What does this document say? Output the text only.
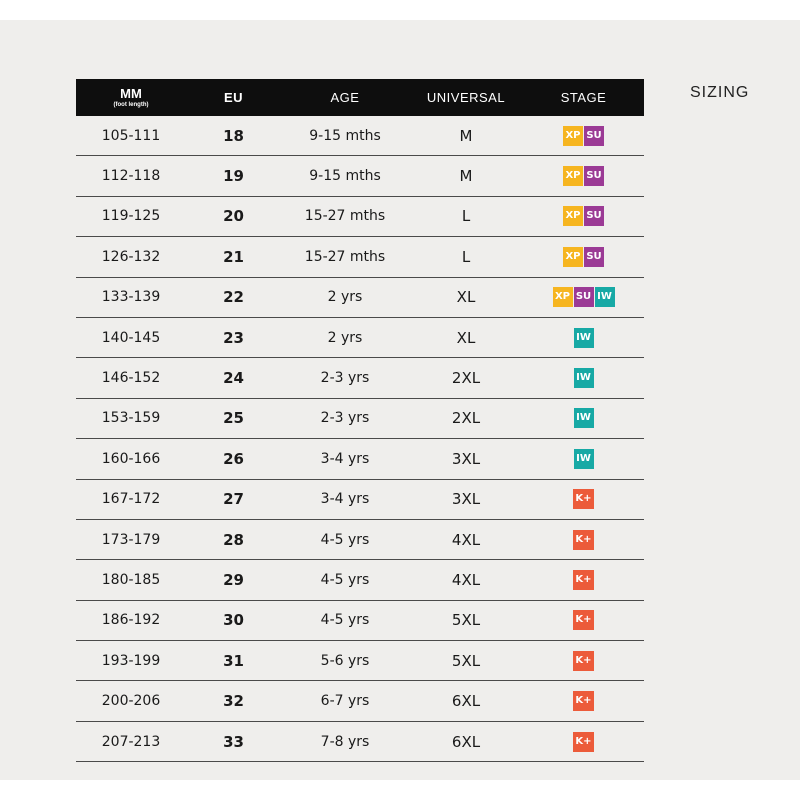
SIZING
MM
(foot length)	EU	AGE	UNIVERSAL	STAGE
105-111	18	9-15 mths	M	XP SU
112-118	19	9-15 mths	M	XP SU
119-125	20	15-27 mths	L	XP SU
126-132	21	15-27 mths	L	XP SU
133-139	22	2 yrs	XL	XP SU IW
140-145	23	2 yrs	XL	IW
146-152	24	2-3 yrs	2XL	IW
153-159	25	2-3 yrs	2XL	IW
160-166	26	3-4 yrs	3XL	IW
167-172	27	3-4 yrs	3XL	K+
173-179	28	4-5 yrs	4XL	K+
180-185	29	4-5 yrs	4XL	K+
186-192	30	4-5 yrs	5XL	K+
193-199	31	5-6 yrs	5XL	K+
200-206	32	6-7 yrs	6XL	K+
207-213	33	7-8 yrs	6XL	K+
